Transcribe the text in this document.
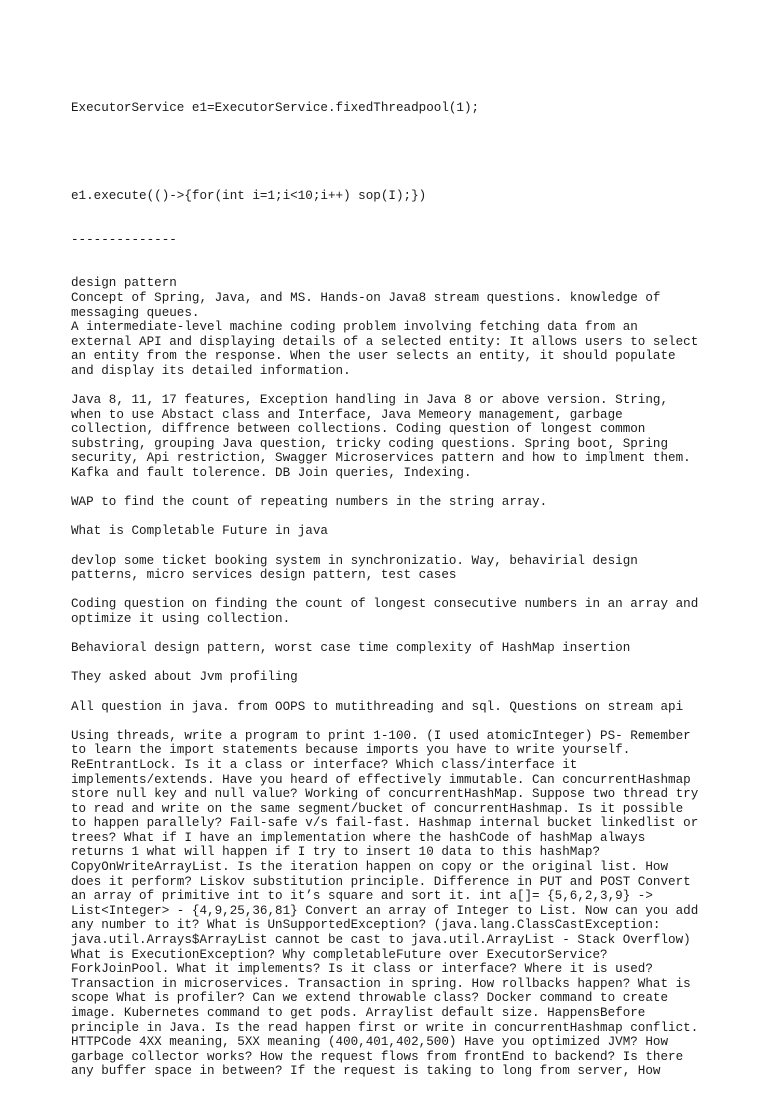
ExecutorService e1=ExecutorService.fixedThreadpool(1);

e1.execute(()->{for(int i=1;i<10;i++) sop(I);})

--------------

design pattern
Concept of Spring, Java, and MS. Hands-on Java8 stream questions. knowledge of
messaging queues.
A intermediate-level machine coding problem involving fetching data from an
external API and displaying details of a selected entity: It allows users to select
an entity from the response. When the user selects an entity, it should populate
and display its detailed information.
Java 8, 11, 17 features, Exception handling in Java 8 or above version. String,
when to use Abstact class and Interface, Java Memeory management, garbage
collection, diffrence between collections. Coding question of longest common
substring, grouping Java question, tricky coding questions. Spring boot, Spring
security, Api restriction, Swagger Microservices pattern and how to implment them.
Kafka and fault tolerence. DB Join queries, Indexing.
WAP to find the count of repeating numbers in the string array.
What is Completable Future in java
devlop some ticket booking system in synchronizatio. Way, behavirial design
patterns, micro services design pattern, test cases
Coding question on finding the count of longest consecutive numbers in an array and
optimize it using collection.
Behavioral design pattern, worst case time complexity of HashMap insertion
They asked about Jvm profiling
All question in java. from OOPS to mutithreading and sql. Questions on stream api
Using threads, write a program to print 1-100. (I used atomicInteger) PS- Remember
to learn the import statements because imports you have to write yourself.
ReEntrantLock. Is it a class or interface? Which class/interface it
implements/extends. Have you heard of effectively immutable. Can concurrentHashmap
store null key and null value? Working of concurrentHashMap. Suppose two thread try
to read and write on the same segment/bucket of concurrentHashmap. Is it possible
to happen parallely? Fail-safe v/s fail-fast. Hashmap internal bucket linkedlist or
trees? What if I have an implementation where the hashCode of hashMap always
returns 1 what will happen if I try to insert 10 data to this hashMap?
CopyOnWriteArrayList. Is the iteration happen on copy or the original list. How
does it perform? Liskov substitution principle. Difference in PUT and POST Convert
an array of primitive int to it’s square and sort it. int a[]= {5,6,2,3,9} ->
List<Integer> - {4,9,25,36,81} Convert an array of Integer to List. Now can you add
any number to it? What is UnSupportedException? (java.lang.ClassCastException:
java.util.Arrays$ArrayList cannot be cast to java.util.ArrayList - Stack Overflow)
What is ExecutionException? Why completableFuture over ExecutorService?
ForkJoinPool. What it implements? Is it class or interface? Where it is used?
Transaction in microservices. Transaction in spring. How rollbacks happen? What is
scope What is profiler? Can we extend throwable class? Docker command to create
image. Kubernetes command to get pods. Arraylist default size. HappensBefore
principle in Java. Is the read happen first or write in concurrentHashmap conflict.
HTTPCode 4XX meaning, 5XX meaning (400,401,402,500) Have you optimized JVM? How
garbage collector works? How the request flows from frontEnd to backend? Is there
any buffer space in between? If the request is taking to long from server, How
